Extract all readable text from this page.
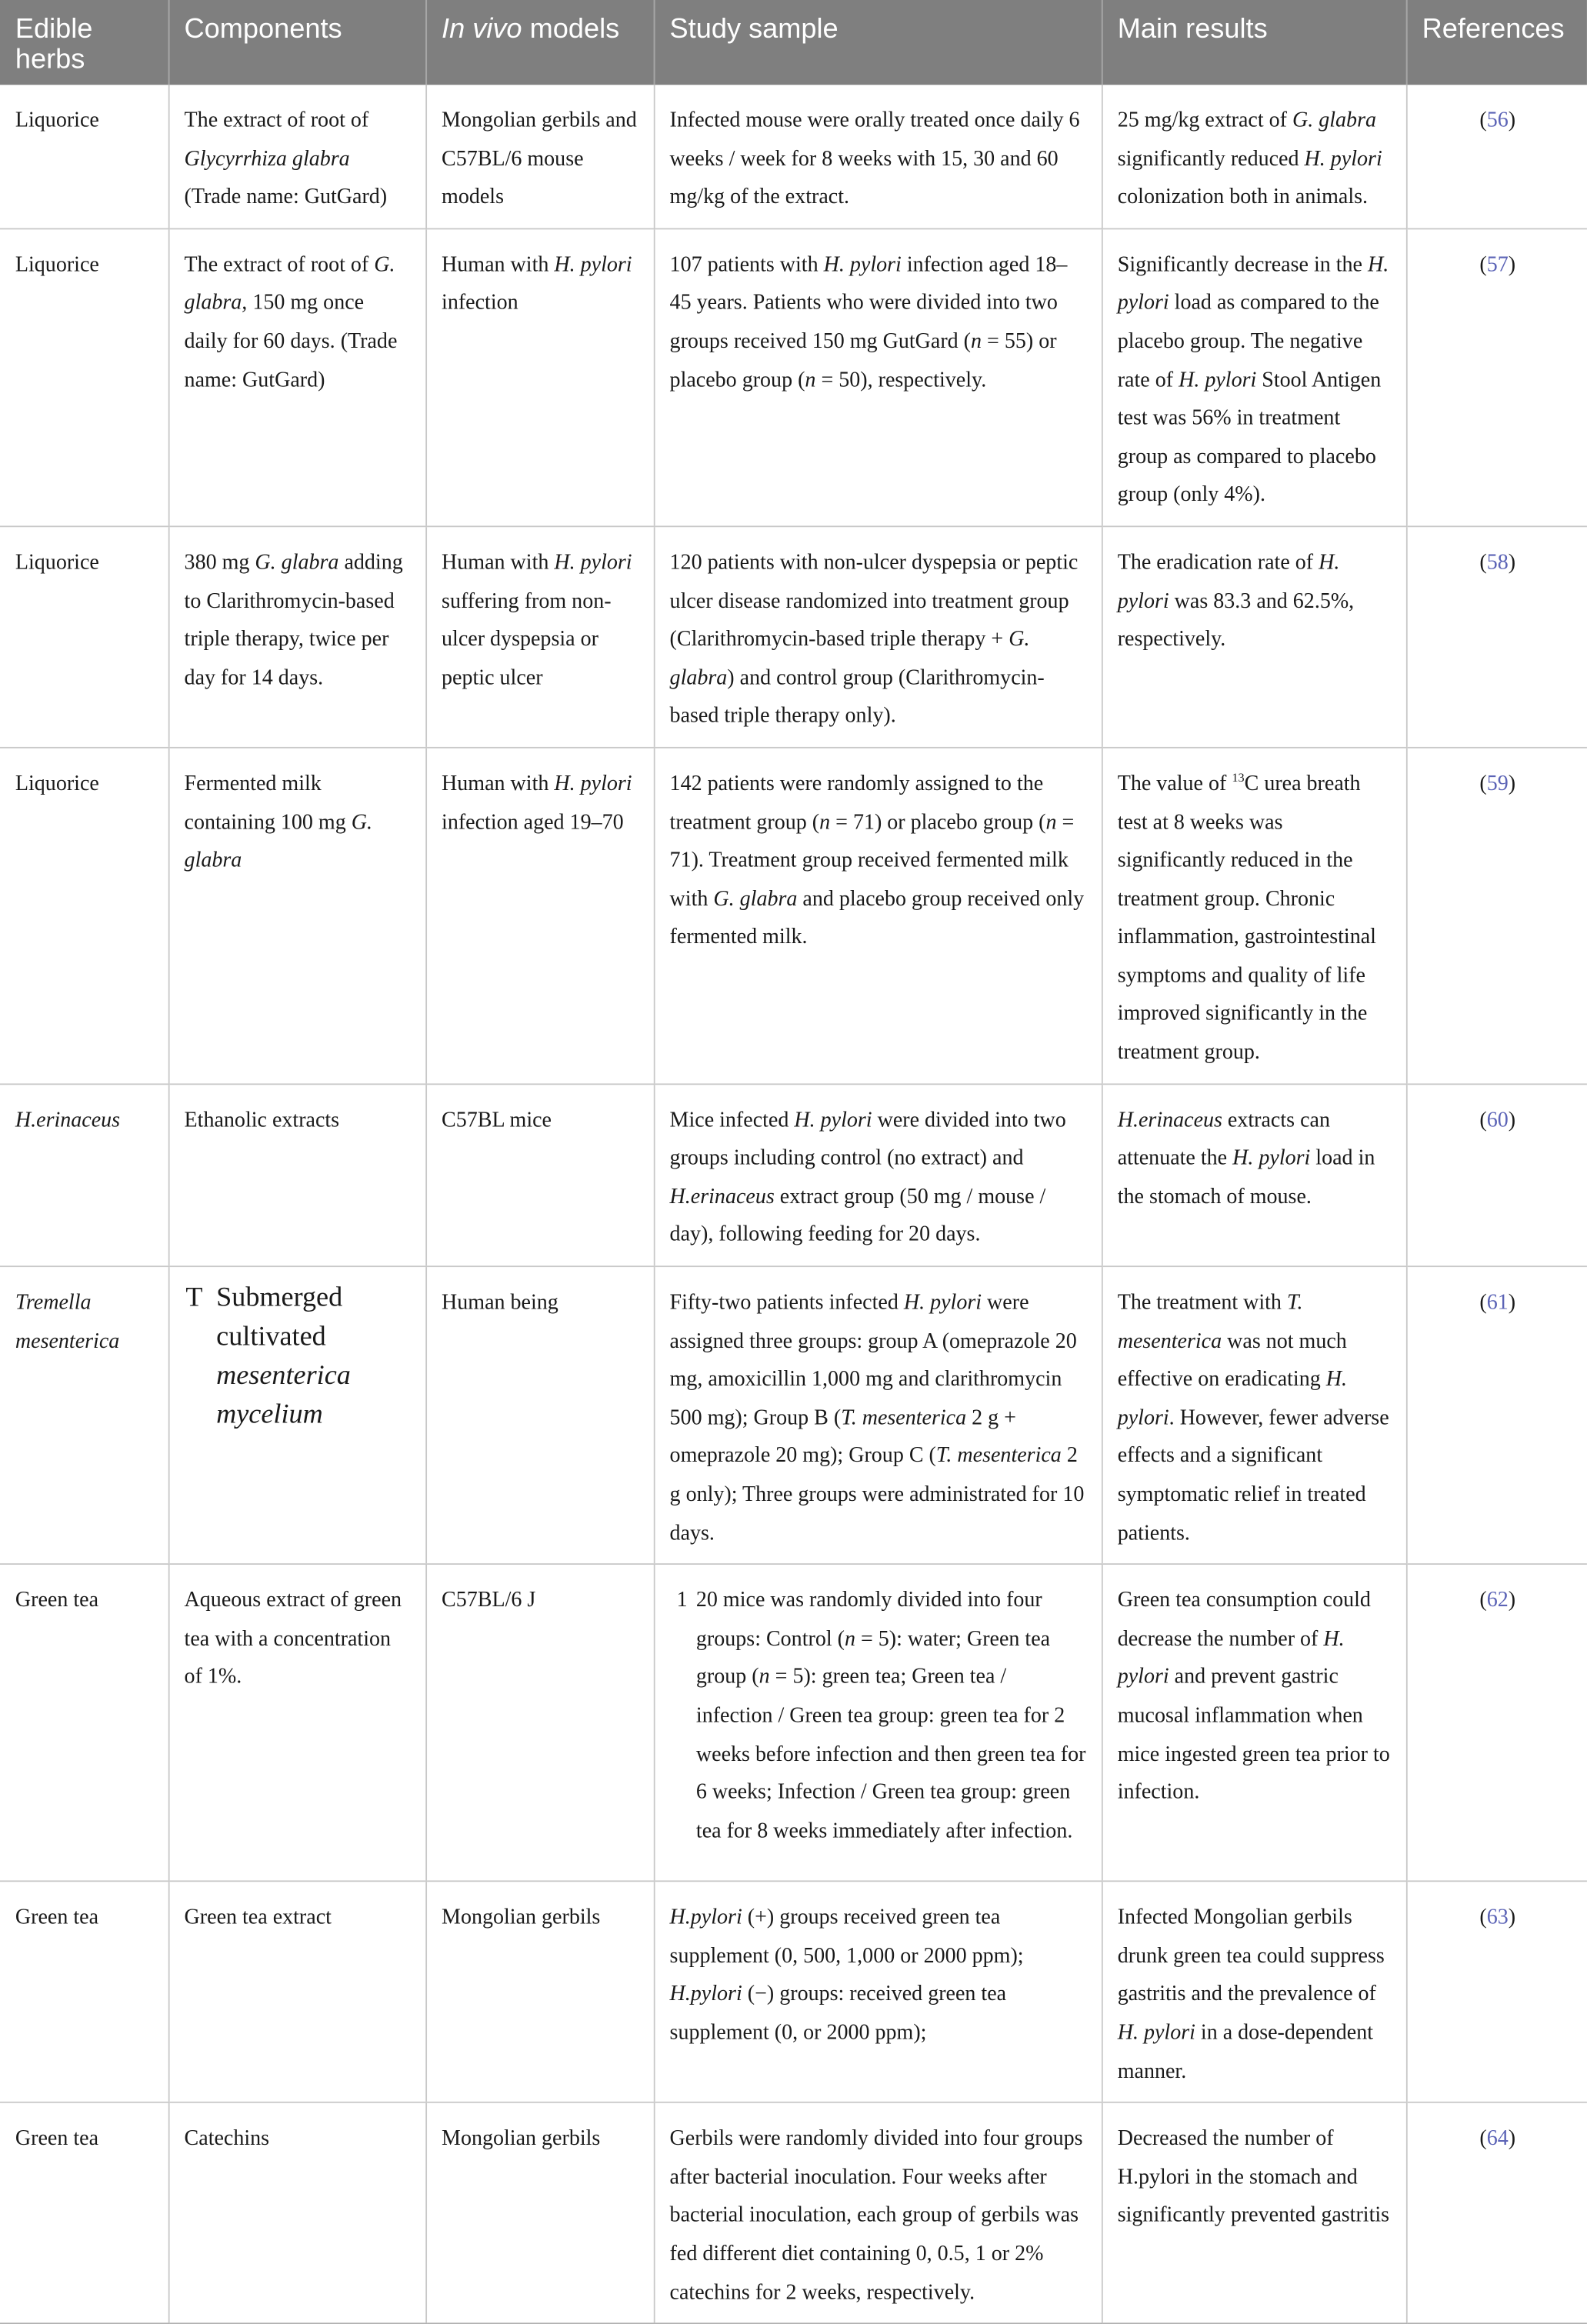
Edible herbs	Components	In vivo models	Study sample	Main results	References
Liquorice	The extract of root of Glycyrrhiza glabra (Trade name: GutGard)	Mongolian gerbils and C57BL/6 mouse models	Infected mouse were orally treated once daily 6 weeks / week for 8 weeks with 15, 30 and 60 mg/kg of the extract.	25 mg/kg extract of G. glabra significantly reduced H. pylori colonization both in animals.	(56)
Liquorice	The extract of root of G. glabra, 150 mg once daily for 60 days. (Trade name: GutGard)	Human with H. pylori infection	107 patients with H. pylori infection aged 18–45 years. Patients who were divided into two groups received 150 mg GutGard (n = 55) or placebo group (n = 50), respectively.	Significantly decrease in the H. pylori load as compared to the placebo group. The negative rate of H. pylori Stool Antigen test was 56% in treatment group as compared to placebo group (only 4%).	(57)
Liquorice	380 mg G. glabra adding to Clarithromycin-based triple therapy, twice per day for 14 days.	Human with H. pylori suffering from non-ulcer dyspepsia or peptic ulcer	120 patients with non-ulcer dyspepsia or peptic ulcer disease randomized into treatment group (Clarithromycin-based triple therapy + G. glabra) and control group (Clarithromycin-based triple therapy only).	The eradication rate of H. pylori was 83.3 and 62.5%, respectively.	(58)
Liquorice	Fermented milk containing 100 mg G. glabra	Human with H. pylori infection aged 19–70	142 patients were randomly assigned to the treatment group (n = 71) or placebo group (n = 71). Treatment group received fermented milk with G. glabra and placebo group received only fermented milk.	The value of $^{13}$C urea breath test at 8 weeks was significantly reduced in the treatment group. Chronic inflammation, gastrointestinal symptoms and quality of life improved significantly in the treatment group.	(59)
H.erinaceus	Ethanolic extracts	C57BL mice	Mice infected H. pylori were divided into two groups including control (no extract) and H.erinaceus extract group (50 mg / mouse / day), following feeding for 20 days.	H.erinaceus extracts can attenuate the H. pylori load in the stomach of mouse.	(60)
Tremella mesenterica	T Submerged cultivated mesenterica mycelium	Human being	Fifty-two patients infected H. pylori were assigned three groups: group A (omeprazole 20 mg, amoxicillin 1,000 mg and clarithromycin 500 mg); Group B (T. mesenterica 2 g + omeprazole 20 mg); Group C (T. mesenterica 2 g only); Three groups were administrated for 10 days.	The treatment with T. mesenterica was not much effective on eradicating H. pylori. However, fewer adverse effects and a significant symptomatic relief in treated patients.	(61)
Green tea	Aqueous extract of green tea with a concentration of 1%.	C57BL/6 J	1 20 mice was randomly divided into four groups: Control (n = 5): water; Green tea group (n = 5): green tea; Green tea / infection / Green tea group: green tea for 2 weeks before infection and then green tea for 6 weeks; Infection / Green tea group: green tea for 8 weeks immediately after infection.	Green tea consumption could decrease the number of H. pylori and prevent gastric mucosal inflammation when mice ingested green tea prior to infection.	(62)
Green tea	Green tea extract	Mongolian gerbils	H.pylori (+) groups received green tea supplement (0, 500, 1,000 or 2000 ppm); H.pylori (−) groups: received green tea supplement (0, or 2000 ppm);	Infected Mongolian gerbils drunk green tea could suppress gastritis and the prevalence of H. pylori in a dose-dependent manner.	(63)
Green tea	Catechins	Mongolian gerbils	Gerbils were randomly divided into four groups after bacterial inoculation. Four weeks after bacterial inoculation, each group of gerbils was fed different diet containing 0, 0.5, 1 or 2% catechins for 2 weeks, respectively.	Decreased the number of H.pylori in the stomach and significantly prevented gastritis	(64)
